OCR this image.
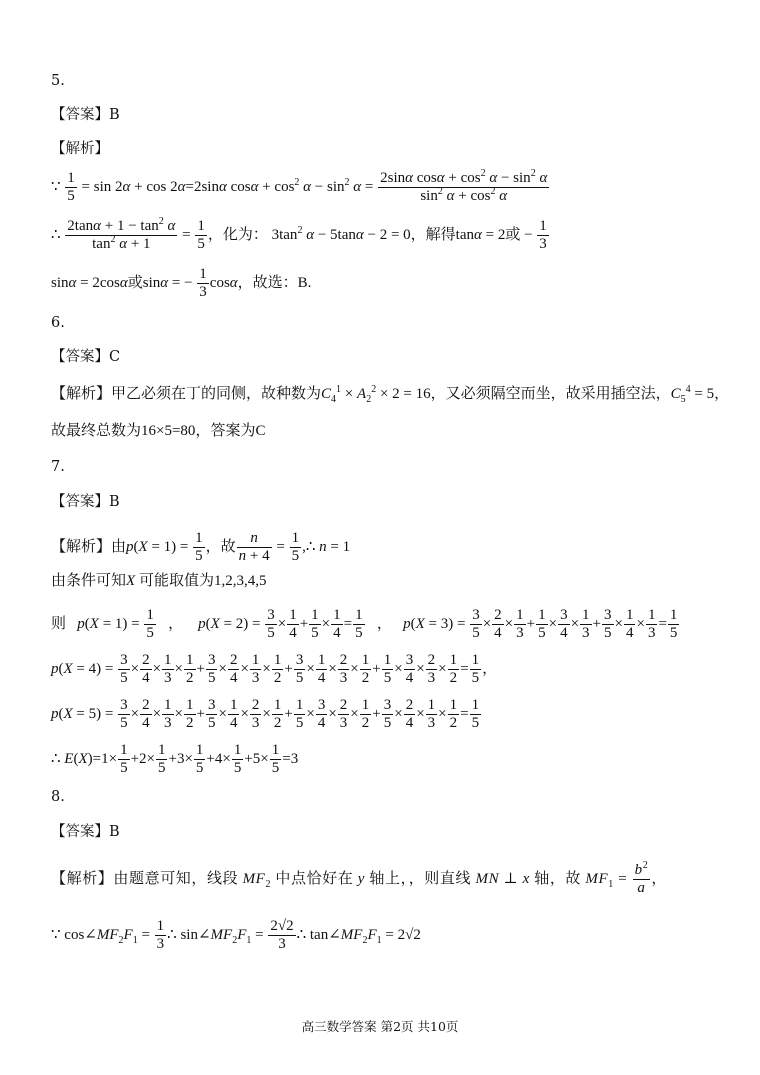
5.
【答案】B
【解析】
∵ $\frac{1}{5} = \sin 2\alpha + \cos 2\alpha=2\sin\alpha$ $\cos\alpha + \cos^2 \alpha - \sin^2 \alpha = \frac{2\sin\alpha \cos\alpha + \cos^2 \alpha - \sin^2 \alpha}{\sin^2 \alpha + \cos^2 \alpha}$
∴ $\frac{2\tan\alpha + 1 - \tan^2 \alpha}{\tan^2 \alpha + 1} = \frac{1}{5}$ ，化为： $3\tan^2$ α − 5tanα − 2 = 0，解得tanα = 2或 − $\frac{1}{3}$
sinα = 2cosα或sinα = − $\frac{1}{3}$ cosα，故选：B.
6.
【答案】C
【解析】甲乙必须在丁的同侧，故种数为$C_4^1 \times A_2^2 \times 2 = 16$，又必须隔空而坐，故采用插空法，$C_5^4 = 5$，
故最终总数为16×5=80，答案为C
7.
【答案】B
【解析】由$p(X = 1) = \frac{1}{5}$ ，故 $\frac{n}{n + 4} = \frac{1}{5}$ ,∴ n = 1
由条件可知X 可能取值为1,2,3,4,5
则 $p(X = 1) = \frac{1}{5}$ ，    $p(X = 2) = \frac{3}{5} \times \frac{1}{4} + \frac{1}{5} \times \frac{1}{4} = \frac{1}{5}$ ，   $p(X = 3) = \frac{3}{5} \times \frac{2}{4} \times \frac{1}{3} + \frac{1}{5} \times \frac{3}{4} \times \frac{1}{3} + \frac{3}{5} \times \frac{1}{4} \times \frac{1}{3} = \frac{1}{5}$
$p(X = 4) = \frac{3}{5} \times \frac{2}{4} \times \frac{1}{3} \times \frac{1}{2} + \frac{3}{5} \times \frac{2}{4} \times \frac{1}{3} \times \frac{1}{2} + \frac{3}{5} \times \frac{1}{4} \times \frac{2}{3} \times \frac{1}{2} + \frac{1}{5} \times \frac{3}{4} \times \frac{2}{3} \times \frac{1}{2} = \frac{1}{5}$ ，
$p(X = 5) = \frac{3}{5} \times \frac{2}{4} \times \frac{1}{3} \times \frac{1}{2} + \frac{3}{5} \times \frac{1}{4} \times \frac{2}{3} \times \frac{1}{2} + \frac{1}{5} \times \frac{3}{4} \times \frac{2}{3} \times \frac{1}{2} + \frac{3}{5} \times \frac{2}{4} \times \frac{1}{3} \times \frac{1}{2} = \frac{1}{5}$
∴ $E(X)=1\times \frac{1}{5} +2\times \frac{1}{5} +3\times \frac{1}{5} +4\times \frac{1}{5} +5\times \frac{1}{5} =3$
8.
【答案】B
【解析】由题意可知，线段 $MF_2$ 中点恰好在 y 轴上，，则直线 MN ⊥ x 轴，故 $MF_1 = \frac{b^2}{a}$ ，
∵ $\cos\angle MF_2F_1 = \frac{1}{3}$ ∴ $\sin\angle MF_2F_1 = \frac{2√2}{3}$ ∴ $\tan\angle MF_2F_1 = 2√2$
高三数学答案 第2页 共10页
